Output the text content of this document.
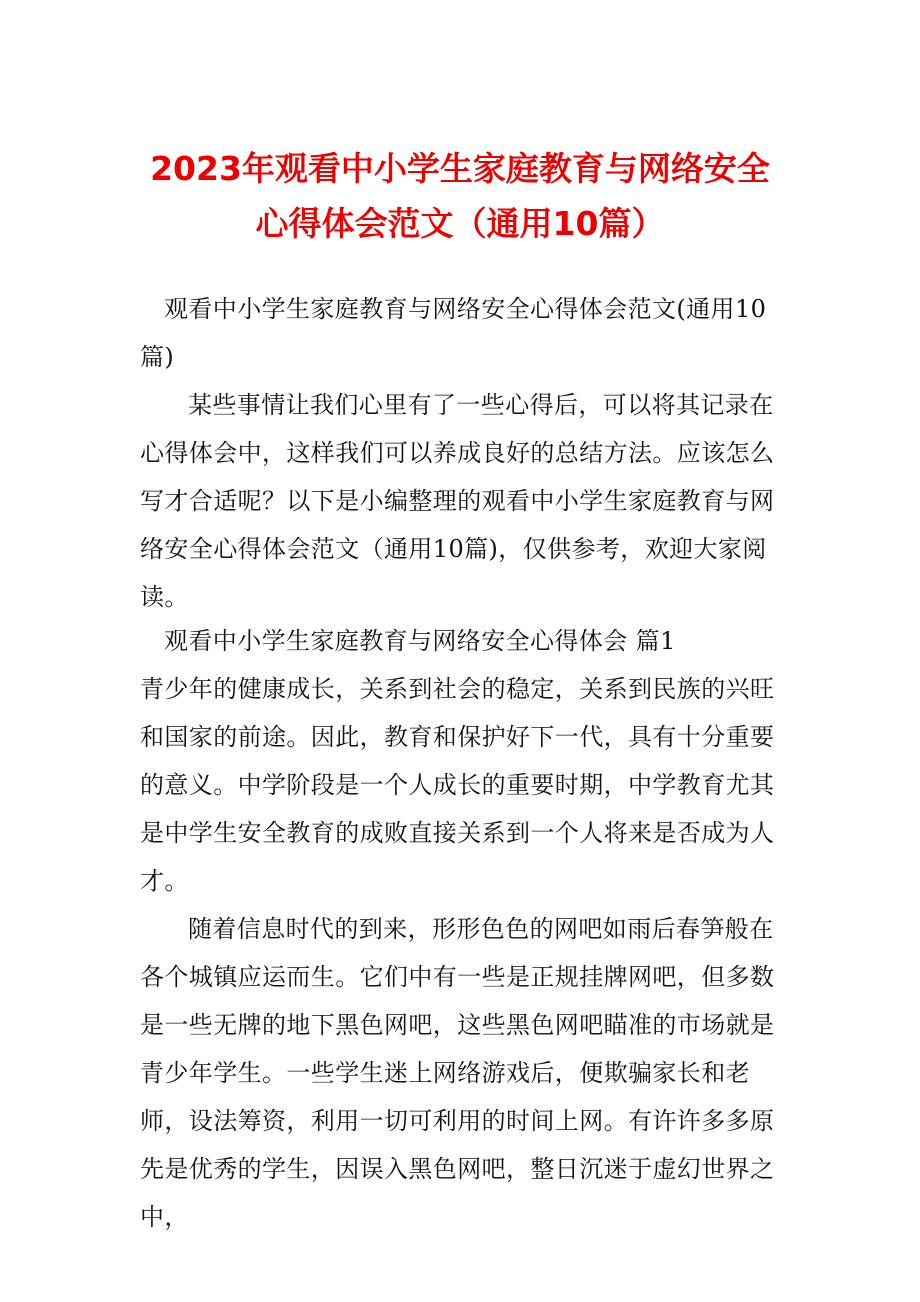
2023年观看中小学生家庭教育与网络安全
心得体会范文（通用10篇）

观看中小学生家庭教育与网络安全心得体会范文(通用10篇)

某些事情让我们心里有了一些心得后，可以将其记录在心得体会中，这样我们可以养成良好的总结方法。应该怎么写才合适呢？以下是小编整理的观看中小学生家庭教育与网络安全心得体会范文（通用10篇)，仅供参考，欢迎大家阅读。

观看中小学生家庭教育与网络安全心得体会 篇1

青少年的健康成长，关系到社会的稳定，关系到民族的兴旺和国家的前途。因此，教育和保护好下一代，具有十分重要的意义。中学阶段是一个人成长的重要时期，中学教育尤其是中学生安全教育的成败直接关系到一个人将来是否成为人才。

随着信息时代的到来，形形色色的网吧如雨后春笋般在各个城镇应运而生。它们中有一些是正规挂牌网吧，但多数是一些无牌的地下黑色网吧，这些黑色网吧瞄准的市场就是青少年学生。一些学生迷上网络游戏后，便欺骗家长和老师，设法筹资，利用一切可利用的时间上网。有许许多多原先是优秀的学生，因误入黑色网吧，整日沉迷于虚幻世界之中，
